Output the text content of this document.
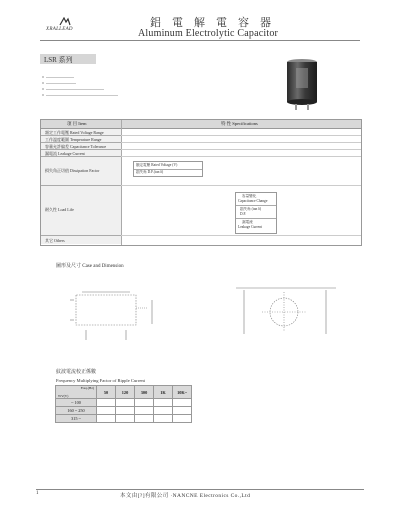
XRALLEAD
鋁電解電容器
Aluminum Electrolytic Capacitor
LSR 系列
項 目 Item	特 性 Specifications
額定工作電壓 Rated Voltage Range
工作溫度範圍 Temperature Range
容量允許偏差 Capacitance Tolerance
漏電流 Leakage Current
損失角正切值 Dissipation Factor
耐久性 Load Life
其它 Others
額定電壓 Rated Voltage (V)
損失角 D.F.(tan δ)
容量變化
Capacitance Change
損失角 (tan δ)
D.F.
漏電流
Leakage Current
圖形及尺寸 Case and Dimension
紋波電流校正係數
Frequency Multiplying Factor of Ripple Current
Freq.(Hz)
WV(V)	50	120	300	1K	10K~
~ 100					
160 ~ 250					
315 ~					
1	本文由[?]有限公司 ·NANCNE Electronics Co.,Ltd
